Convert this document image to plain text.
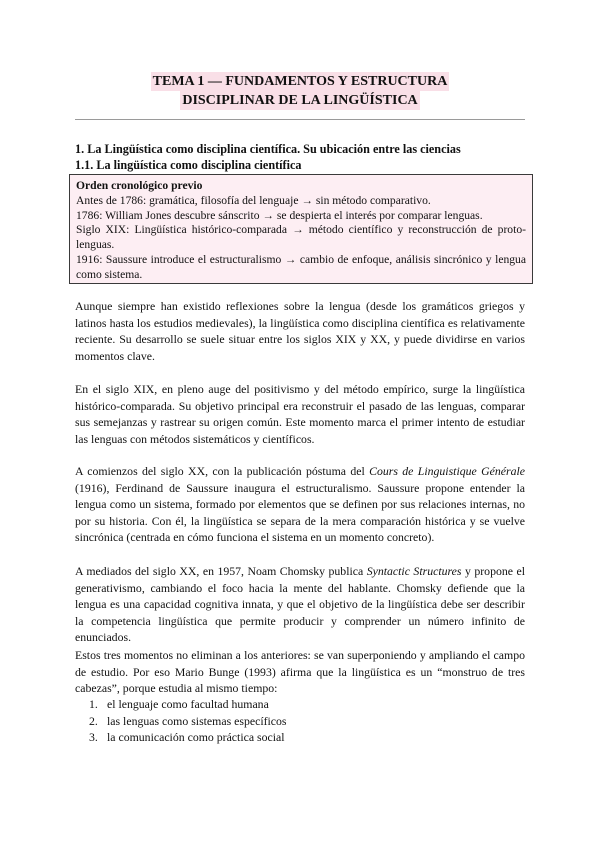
TEMA 1 — FUNDAMENTOS Y ESTRUCTURA
DISCIPLINAR DE LA LINGÜÍSTICA
1. La Lingüística como disciplina científica. Su ubicación entre las ciencias
1.1. La lingüística como disciplina científica
Orden cronológico previo

Antes de 1786: gramática, filosofía del lenguaje → sin método comparativo.

1786: William Jones descubre sánscrito → se despierta el interés por comparar lenguas.

Siglo XIX: Lingüística histórico-comparada → método científico y reconstrucción de proto-lenguas.

1916: Saussure introduce el estructuralismo → cambio de enfoque, análisis sincrónico y lengua como sistema.

Aunque siempre han existido reflexiones sobre la lengua (desde los gramáticos griegos y latinos hasta los estudios medievales), la lingüística como disciplina científica es relativamente reciente. Su desarrollo se suele situar entre los siglos XIX y XX, y puede dividirse en varios momentos clave.

En el siglo XIX, en pleno auge del positivismo y del método empírico, surge la lingüística histórico-comparada. Su objetivo principal era reconstruir el pasado de las lenguas, comparar sus semejanzas y rastrear su origen común. Este momento marca el primer intento de estudiar las lenguas con métodos sistemáticos y científicos.

A comienzos del siglo XX, con la publicación póstuma del Cours de Linguistique Générale (1916), Ferdinand de Saussure inaugura el estructuralismo. Saussure propone entender la lengua como un sistema, formado por elementos que se definen por sus relaciones internas, no por su historia. Con él, la lingüística se separa de la mera comparación histórica y se vuelve sincrónica (centrada en cómo funciona el sistema en un momento concreto).

A mediados del siglo XX, en 1957, Noam Chomsky publica Syntactic Structures y propone el generativismo, cambiando el foco hacia la mente del hablante. Chomsky defiende que la lengua es una capacidad cognitiva innata, y que el objetivo de la lingüística debe ser describir la competencia lingüística que permite producir y comprender un número infinito de enunciados.

Estos tres momentos no eliminan a los anteriores: se van superponiendo y ampliando el campo de estudio. Por eso Mario Bunge (1993) afirma que la lingüística es un “monstruo de tres cabezas”, porque estudia al mismo tiempo:

1. el lenguaje como facultad humana
2. las lenguas como sistemas específicos
3. la comunicación como práctica social
